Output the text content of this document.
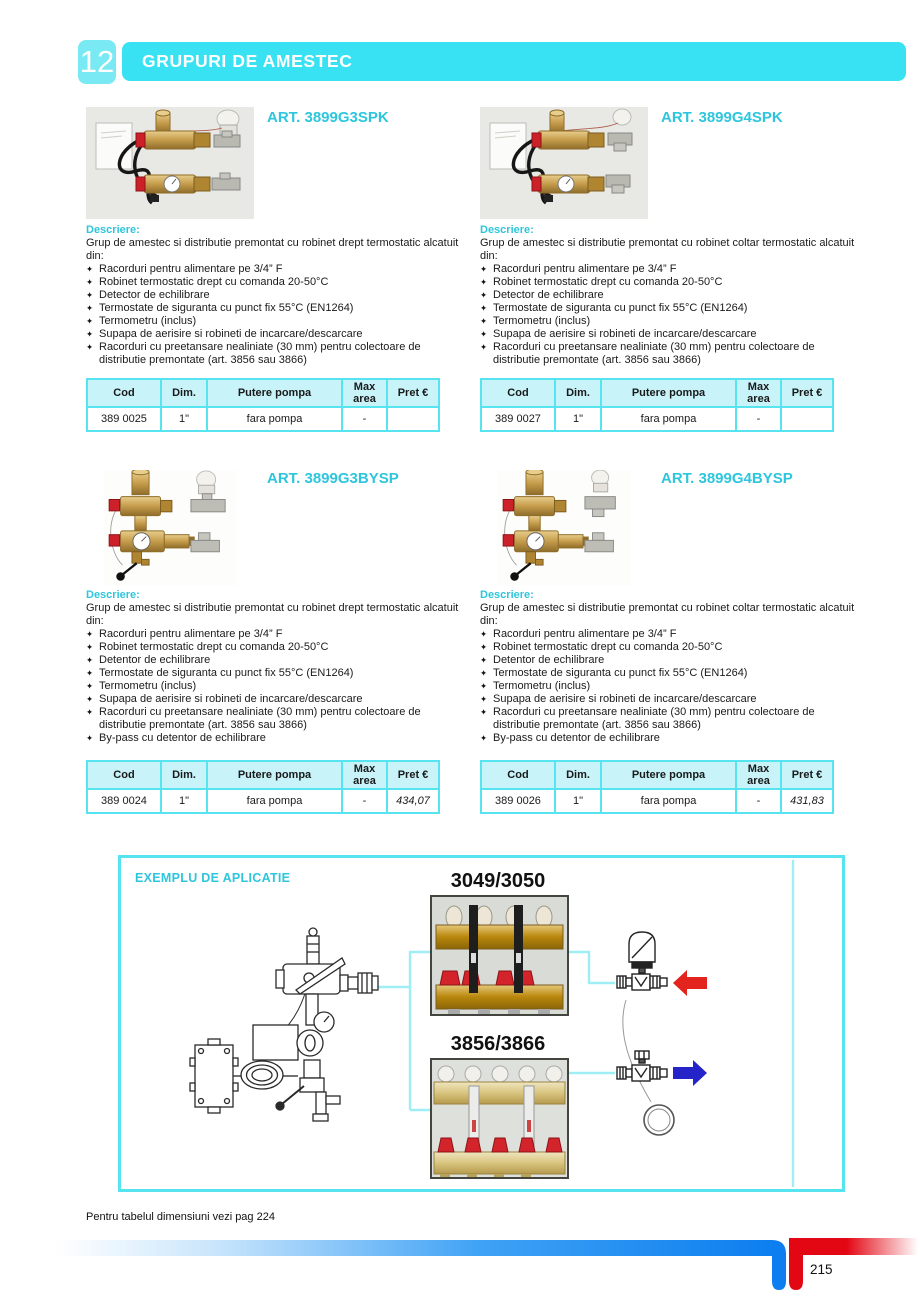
12 GRUPURI DE AMESTEC
ART. 3899G3SPK
Descriere:
Grup de amestec si distributie premontat cu robinet drept termostatic alcatuit din:
✦ Racorduri pentru alimentare pe 3/4” F
✦ Robinet termostatic drept cu comanda 20-50°C
✦ Detector de echilibrare
✦ Termostate de siguranta cu punct fix 55°C (EN1264)
✦ Termometru (inclus)
✦ Supapa de aerisire si robineti de incarcare/descarcare
✦ Racorduri cu preetansare nealiniate (30 mm) pentru colectoare de distributie premontate (art. 3856 sau 3866)
Cod	Dim.	Putere pompa	Max area	Pret €
389 0025	1"	fara pompa	-	
ART. 3899G4SPK
Descriere:
Grup de amestec si distributie premontat cu robinet coltar termostatic alcatuit din:
✦ Racorduri pentru alimentare pe 3/4” F
✦ Robinet termostatic drept cu comanda 20-50°C
✦ Detector de echilibrare
✦ Termostate de siguranta cu punct fix 55°C (EN1264)
✦ Termometru (inclus)
✦ Supapa de aerisire si robineti de incarcare/descarcare
✦ Racorduri cu preetansare nealiniate (30 mm) pentru colectoare de distributie premontate (art. 3856 sau 3866)
Cod	Dim.	Putere pompa	Max area	Pret €
389 0027	1"	fara pompa	-	
ART. 3899G3BYSP
Descriere:
Grup de amestec si distributie premontat cu robinet drept termostatic alcatuit din:
✦ Racorduri pentru alimentare pe 3/4” F
✦ Robinet termostatic drept cu comanda 20-50°C
✦ Detentor de echilibrare
✦ Termostate de siguranta cu punct fix 55°C (EN1264)
✦ Termometru (inclus)
✦ Supapa de aerisire si robineti de incarcare/descarcare
✦ Racorduri cu preetansare nealiniate (30 mm) pentru colectoare de distributie premontate (art. 3856 sau 3866)
✦ By-pass cu detentor de echilibrare
Cod	Dim.	Putere pompa	Max area	Pret €
389 0024	1"	fara pompa	-	434,07
ART. 3899G4BYSP
Descriere:
Grup de amestec si distributie premontat cu robinet coltar termostatic alcatuit din:
✦ Racorduri pentru alimentare pe 3/4” F
✦ Robinet termostatic drept cu comanda 20-50°C
✦ Detentor de echilibrare
✦ Termostate de siguranta cu punct fix 55°C (EN1264)
✦ Termometru (inclus)
✦ Supapa de aerisire si robineti de incarcare/descarcare
✦ Racorduri cu preetansare nealiniate (30 mm) pentru colectoare de distributie premontate (art. 3856 sau 3866)
✦ By-pass cu detentor de echilibrare
Cod	Dim.	Putere pompa	Max area	Pret €
389 0026	1"	fara pompa	-	431,83
EXEMPLU DE APLICATIE	3049/3050
3856/3866
Pentru tabelul dimensiuni vezi pag 224
215
